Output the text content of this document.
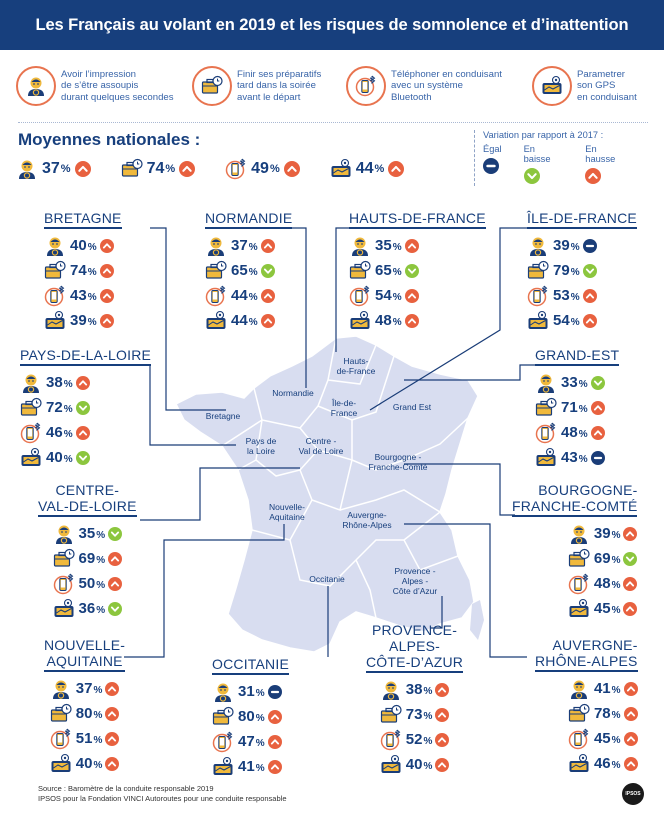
Hauts-
de-France
Normandie
Île-de-
France
Grand Est
Bretagne
Pays de
la Loire
Centre -
Val de Loire
Bourgogne -
Franche-Comté
Nouvelle-
Aquitaine	Auvergne-
Rhône-Alpes
Occitanie
Provence -
Alpes -
Côte d’Azur
Les Français au volant en 2019 et les risques de somnolence et d’inattention
Avoir l’impression
de s’être assoupis
durant quelques secondes
Finir ses préparatifs
tard dans la soirée
avant le départ
Téléphoner en conduisant
avec un système
Bluetooth
Parametrer
son GPS
en conduisant
Moyennes nationales :
37 %	74 %	49 %	44 %
Variation par rapport à 2017 :
Égal En baisse
En hausse
BRETAGNE
40 %
74 %
43 %
39 %
NORMANDIE
37 %
65 %
44 %
44 %
HAUTS-DE-FRANCE
35 %
65 %
54 %
48 %
ÎLE-DE-FRANCE
39 %
79 %
53 %
54 %
PAYS-DE-LA-LOIRE
38 %
72 %
46 %
40 %
GRAND-EST
33 %
71 %
48 %
43 %
CENTRE-
VAL-DE-LOIRE
35 %
69 %
50 %
36 %
BOURGOGNE-
FRANCHE-COMTÉ
39 %
69 %
48 %
45 %
NOUVELLE-
AQUITAINE
37 %
80 %
51 %
40 %
OCCITANIE
31 %
80 %
47 %
41 %
PROVENCE-
ALPES-
CÔTE-D’AZUR
38 %
73 %
52 %
40 %
AUVERGNE-
RHÔNE-ALPES
41 %
78 %
45 %
46 %
Source : Baromètre de la conduite responsable 2019
IPSOS pour la Fondation VINCI Autoroutes pour une conduite responsable	IPSOS
